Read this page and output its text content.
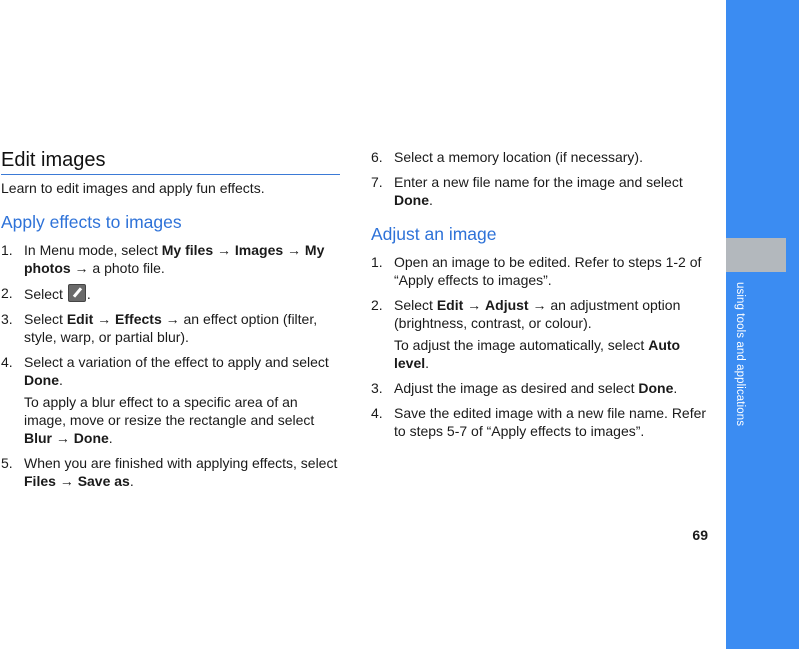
using tools and applications
69
Edit images
Learn to edit images and apply fun effects.
Apply effects to images
1. In Menu mode, select My files → Images → My photos → a photo file.
2. Select .
3. Select Edit → Effects → an effect option (filter, style, warp, or partial blur).
4. Select a variation of the effect to apply and select Done.
To apply a blur effect to a specific area of an image, move or resize the rectangle and select Blur → Done.
5. When you are finished with applying effects, select Files → Save as.
6. Select a memory location (if necessary).
7. Enter a new file name for the image and select Done.
Adjust an image
1. Open an image to be edited. Refer to steps 1-2 of “Apply effects to images”.
2. Select Edit → Adjust → an adjustment option (brightness, contrast, or colour).
To adjust the image automatically, select Auto level.
3. Adjust the image as desired and select Done.
4. Save the edited image with a new file name. Refer to steps 5-7 of “Apply effects to images”.
